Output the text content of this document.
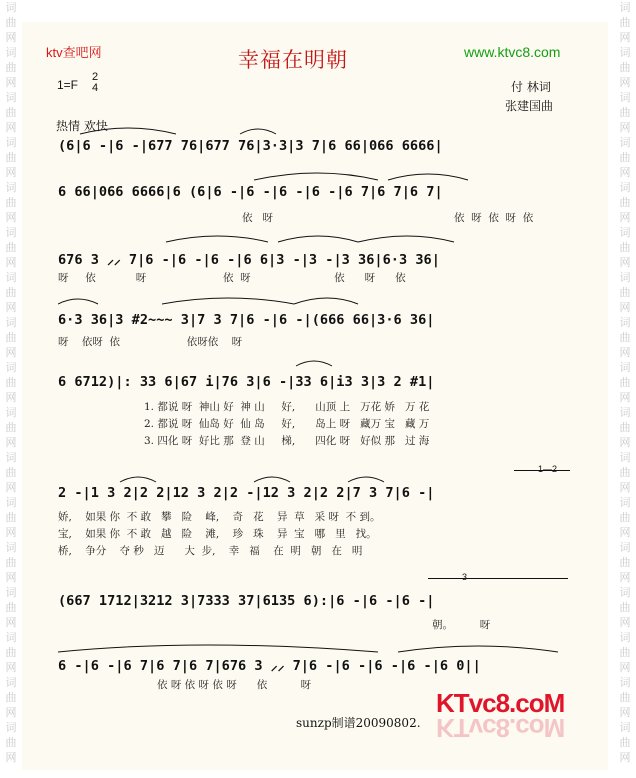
词
曲
网
词
曲
网
词
曲
网
词
曲
网
词
曲
网
词
曲
网
词
曲
网
词
曲
网
词
曲
网
词
曲
网
词
曲
网
词
曲
网
词
曲
网
词
曲
网
词
曲
网
词
曲
网
词
曲
网
词
曲
网
词
曲
网
词
曲
网
词
曲
网
词
曲
网
词
曲
网
词
曲
网
词
曲
网
词
曲
网
词
曲
网
词
曲
网
词
曲
网
词
曲
网
词
曲
网
词
曲
网
词
曲
网
词
曲
网
ktv查吧网	幸福在明朝	www.ktvc8.com
1=F
2
4	付 林词
张建国曲
热情 欢快
(6|6 -|6 -|677 76|677 76|3·3|3 7|6 66|066 6666|
6 66|066 6666|6 (6|6 -|6 -|6 -|6 -|6 7|6 7|6 7|
依   呀	依  呀  依  呀  依
676 3 ⸝⸝ 7|6 -|6 -|6 -|6 6|3 -|3 -|3 36|6·3 36|
呀     依            呀                       依  呀                         依      呀      依
6·3 36|3 #2~~~ 3|7 3 7|6 -|6 -|(666 66|3·6 36|
呀    依呀  依                    依呀依    呀
6 6712)|: 33 6|67 i|76 3|6 -|33 6|i3 3|3 2 #1|
1. 都说 呀  神山 好  神 山     好,      山顶 上   万花 娇   万 花
2. 都说 呀  仙岛 好  仙 岛     好,      岛上 呀   藏万 宝   藏 万
3. 四化 呀  好比 那  登 山     梯,      四化 呀   好似 那   过 海
1—2
2 -|1 3 2|2 2|12 3 2|2 -|12 3 2|2 2|7 3 7|6 -|
娇,    如果 你  不 敢   攀   险    峰,    奇   花    异  草   采 呀  不 到。
宝,    如果 你  不 敢   越   险    滩,    珍   珠    异  宝   哪   里   找。
桥,    争分    夺 秒   迈      大  步,    幸   福    在  明   朝   在   明
3
(667 1712|3212 3|7333 37|6135 6):|6 -|6 -|6 -|
朝。        呀
6 -|6 -|6 7|6 7|6 7|676 3 ⸝⸝ 7|6 -|6 -|6 -|6 -|6 0||
依 呀 依 呀 依 呀      依          呀
KTvc8.coM
KTvc8.coM
sunzp制谱20090802.
